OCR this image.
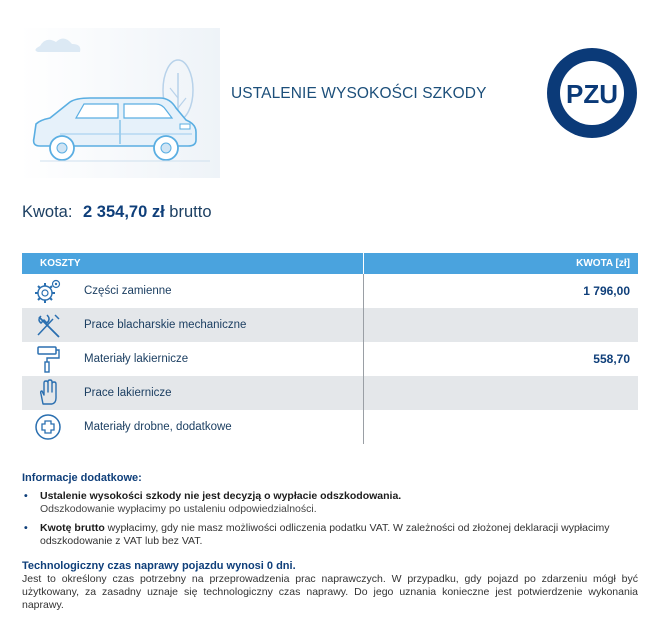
USTALENIE WYSOKOŚCI SZKODY	PZU
Kwota: 2 354,70 zł brutto
KOSZTY		KWOTA [zł]

	Części zamienne	1 796,00

	Prace blacharskie mechaniczne	

	Materiały lakiernicze	558,70

	Prace lakiernicze	

	Materiały drobne, dodatkowe	
Informacje dodatkowe:
• Ustalenie wysokości szkody nie jest decyzją o wypłacie odszkodowania.
Odszkodowanie wypłacimy po ustaleniu odpowiedzialności.
• Kwotę brutto wypłacimy, gdy nie masz możliwości odliczenia podatku VAT. W zależności od złożonej deklaracji wypłacimy odszkodowanie z VAT lub bez VAT.
Technologiczny czas naprawy pojazdu wynosi 0 dni.

Jest to określony czas potrzebny na przeprowadzenia prac naprawczych. W przypadku, gdy pojazd po zdarzeniu mógł być użytkowany, za zasadny uznaje się technologiczny czas naprawy. Do jego uznania konieczne jest potwierdzenie wykonania naprawy.
